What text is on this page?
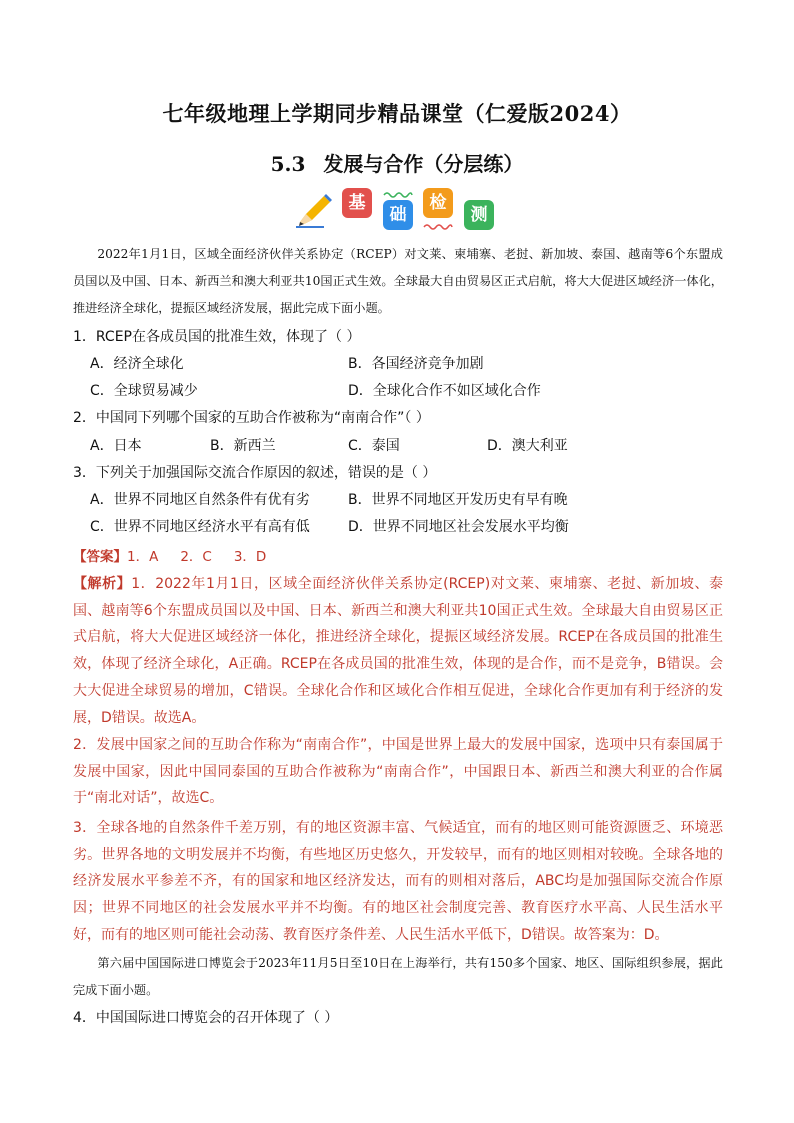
七年级地理上学期同步精品课堂（仁爱版2024）
5.3 发展与合作（分层练）
基
础
检
测
2022年1月1日，区域全面经济伙伴关系协定（RCEP）对文莱、柬埔寨、老挝、新加坡、泰国、越南等6个东盟成员国以及中国、日本、新西兰和澳大利亚共10国正式生效。全球最大自由贸易区正式启航，将大大促进区域经济一体化，推进经济全球化，提振区域经济发展，据此完成下面小题。
1．RCEP在各成员国的批准生效，体现了（ ）
A．经济全球化	B．各国经济竞争加剧
C．全球贸易减少	D．全球化合作不如区域化合作
2．中国同下列哪个国家的互助合作被称为“南南合作”（ ）
A．日本	B．新西兰	C．泰国	D．澳大利亚
3．下列关于加强国际交流合作原因的叙述，错误的是（ ）
A．世界不同地区自然条件有优有劣	B．世界不同地区开发历史有早有晚
C．世界不同地区经济水平有高有低	D．世界不同地区社会发展水平均衡
【答案】1．A 2．C 3．D
【解析】1．2022年1月1日，区域全面经济伙伴关系协定(RCEP)对文莱、柬埔寨、老挝、新加坡、泰国、越南等6个东盟成员国以及中国、日本、新西兰和澳大利亚共10国正式生效。全球最大自由贸易区正式启航，将大大促进区域经济一体化，推进经济全球化，提振区域经济发展。RCEP在各成员国的批准生效，体现了经济全球化，A正确。RCEP在各成员国的批准生效，体现的是合作，而不是竞争，B错误。会大大促进全球贸易的增加，C错误。全球化合作和区域化合作相互促进，全球化合作更加有利于经济的发展，D错误。故选A。
2．发展中国家之间的互助合作称为“南南合作”，中国是世界上最大的发展中国家，选项中只有泰国属于发展中国家，因此中国同泰国的互助合作被称为“南南合作”，中国跟日本、新西兰和澳大利亚的合作属于“南北对话”，故选C。
3．全球各地的自然条件千差万别，有的地区资源丰富、气候适宜，而有的地区则可能资源匮乏、环境恶劣。世界各地的文明发展并不均衡，有些地区历史悠久，开发较早，而有的地区则相对较晚。全球各地的经济发展水平参差不齐，有的国家和地区经济发达，而有的则相对落后，ABC均是加强国际交流合作原因；世界不同地区的社会发展水平并不均衡。有的地区社会制度完善、教育医疗水平高、人民生活水平好，而有的地区则可能社会动荡、教育医疗条件差、人民生活水平低下，D错误。故答案为：D。
第六届中国国际进口博览会于2023年11月5日至10日在上海举行，共有150多个国家、地区、国际组织参展，据此完成下面小题。
4．中国国际进口博览会的召开体现了（ ）
